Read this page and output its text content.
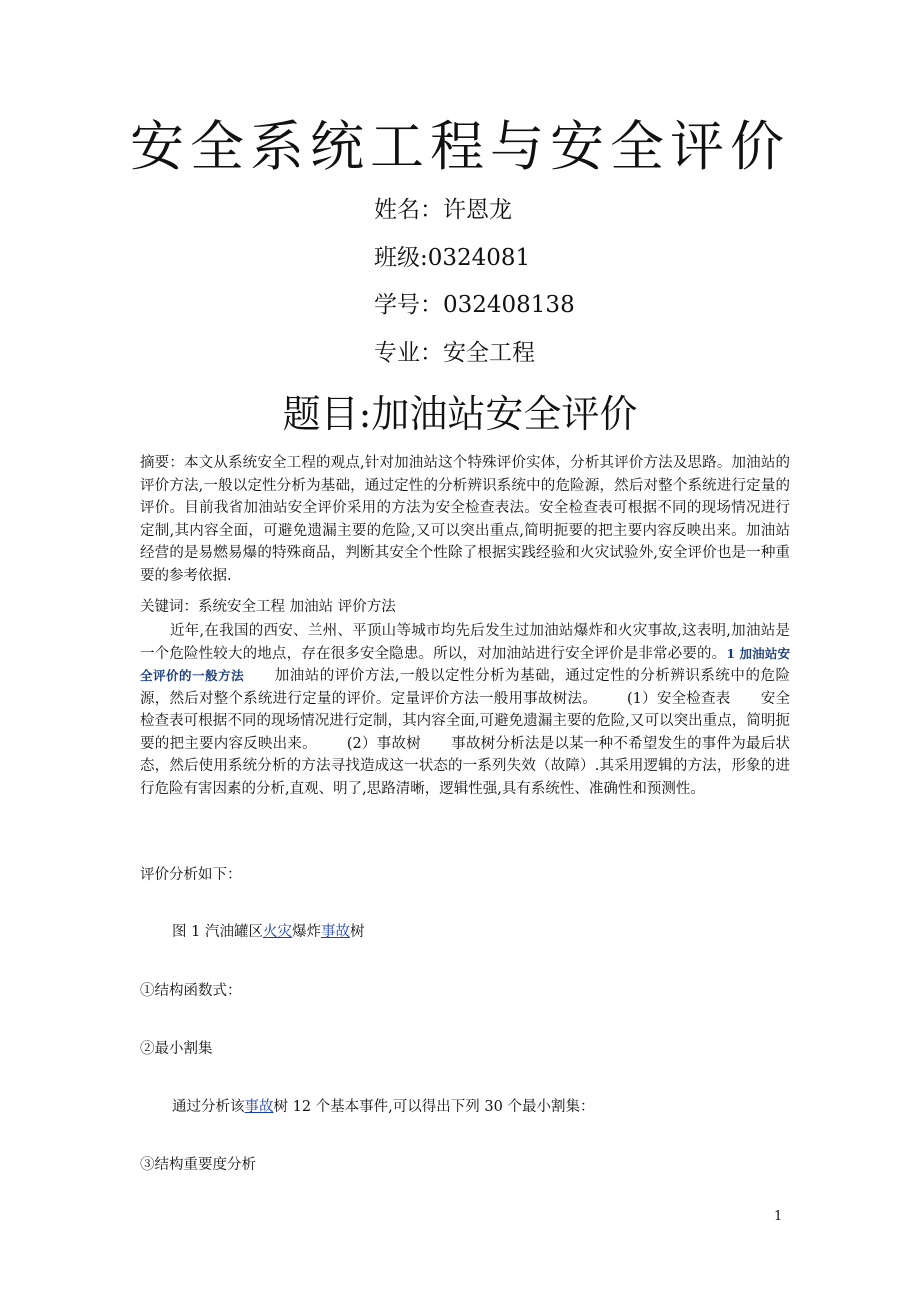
安全系统工程与安全评价
姓名：许恩龙
班级:0324081
学号：032408138
专业：安全工程
题目:加油站安全评价
摘要：本文从系统安全工程的观点,针对加油站这个特殊评价实体，分析其评价方法及思路。加油站的评价方法,一般以定性分析为基础，通过定性的分析辨识系统中的危险源，然后对整个系统进行定量的评价。目前我省加油站安全评价采用的方法为安全检查表法。安全检查表可根据不同的现场情况进行定制,其内容全面，可避免遗漏主要的危险,又可以突出重点,简明扼要的把主要内容反映出来。加油站经营的是易燃易爆的特殊商品，判断其安全个性除了根据实践经验和火灾试验外,安全评价也是一种重要的参考依据.
关键词：系统安全工程 加油站 评价方法
近年,在我国的西安、兰州、平顶山等城市均先后发生过加油站爆炸和火灾事故,这表明,加油站是一个危险性较大的地点，存在很多安全隐患。所以，对加油站进行安全评价是非常必要的。1 加油站安全评价的一般方法 加油站的评价方法,一般以定性分析为基础，通过定性的分析辨识系统中的危险源，然后对整个系统进行定量的评价。定量评价方法一般用事故树法。 (1）安全检查表 安全检查表可根据不同的现场情况进行定制，其内容全面,可避免遗漏主要的危险,又可以突出重点，简明扼要的把主要内容反映出来。 (2）事故树 事故树分析法是以某一种不希望发生的事件为最后状态，然后使用系统分析的方法寻找造成这一状态的一系列失效（故障）.其采用逻辑的方法，形象的进行危险有害因素的分析,直观、明了,思路清晰，逻辑性强,具有系统性、准确性和预测性。
评价分析如下：
图 1 汽油罐区火灾爆炸事故树
①结构函数式：
②最小割集
通过分析该事故树 12 个基本事件,可以得出下列 30 个最小割集：
③结构重要度分析
1
